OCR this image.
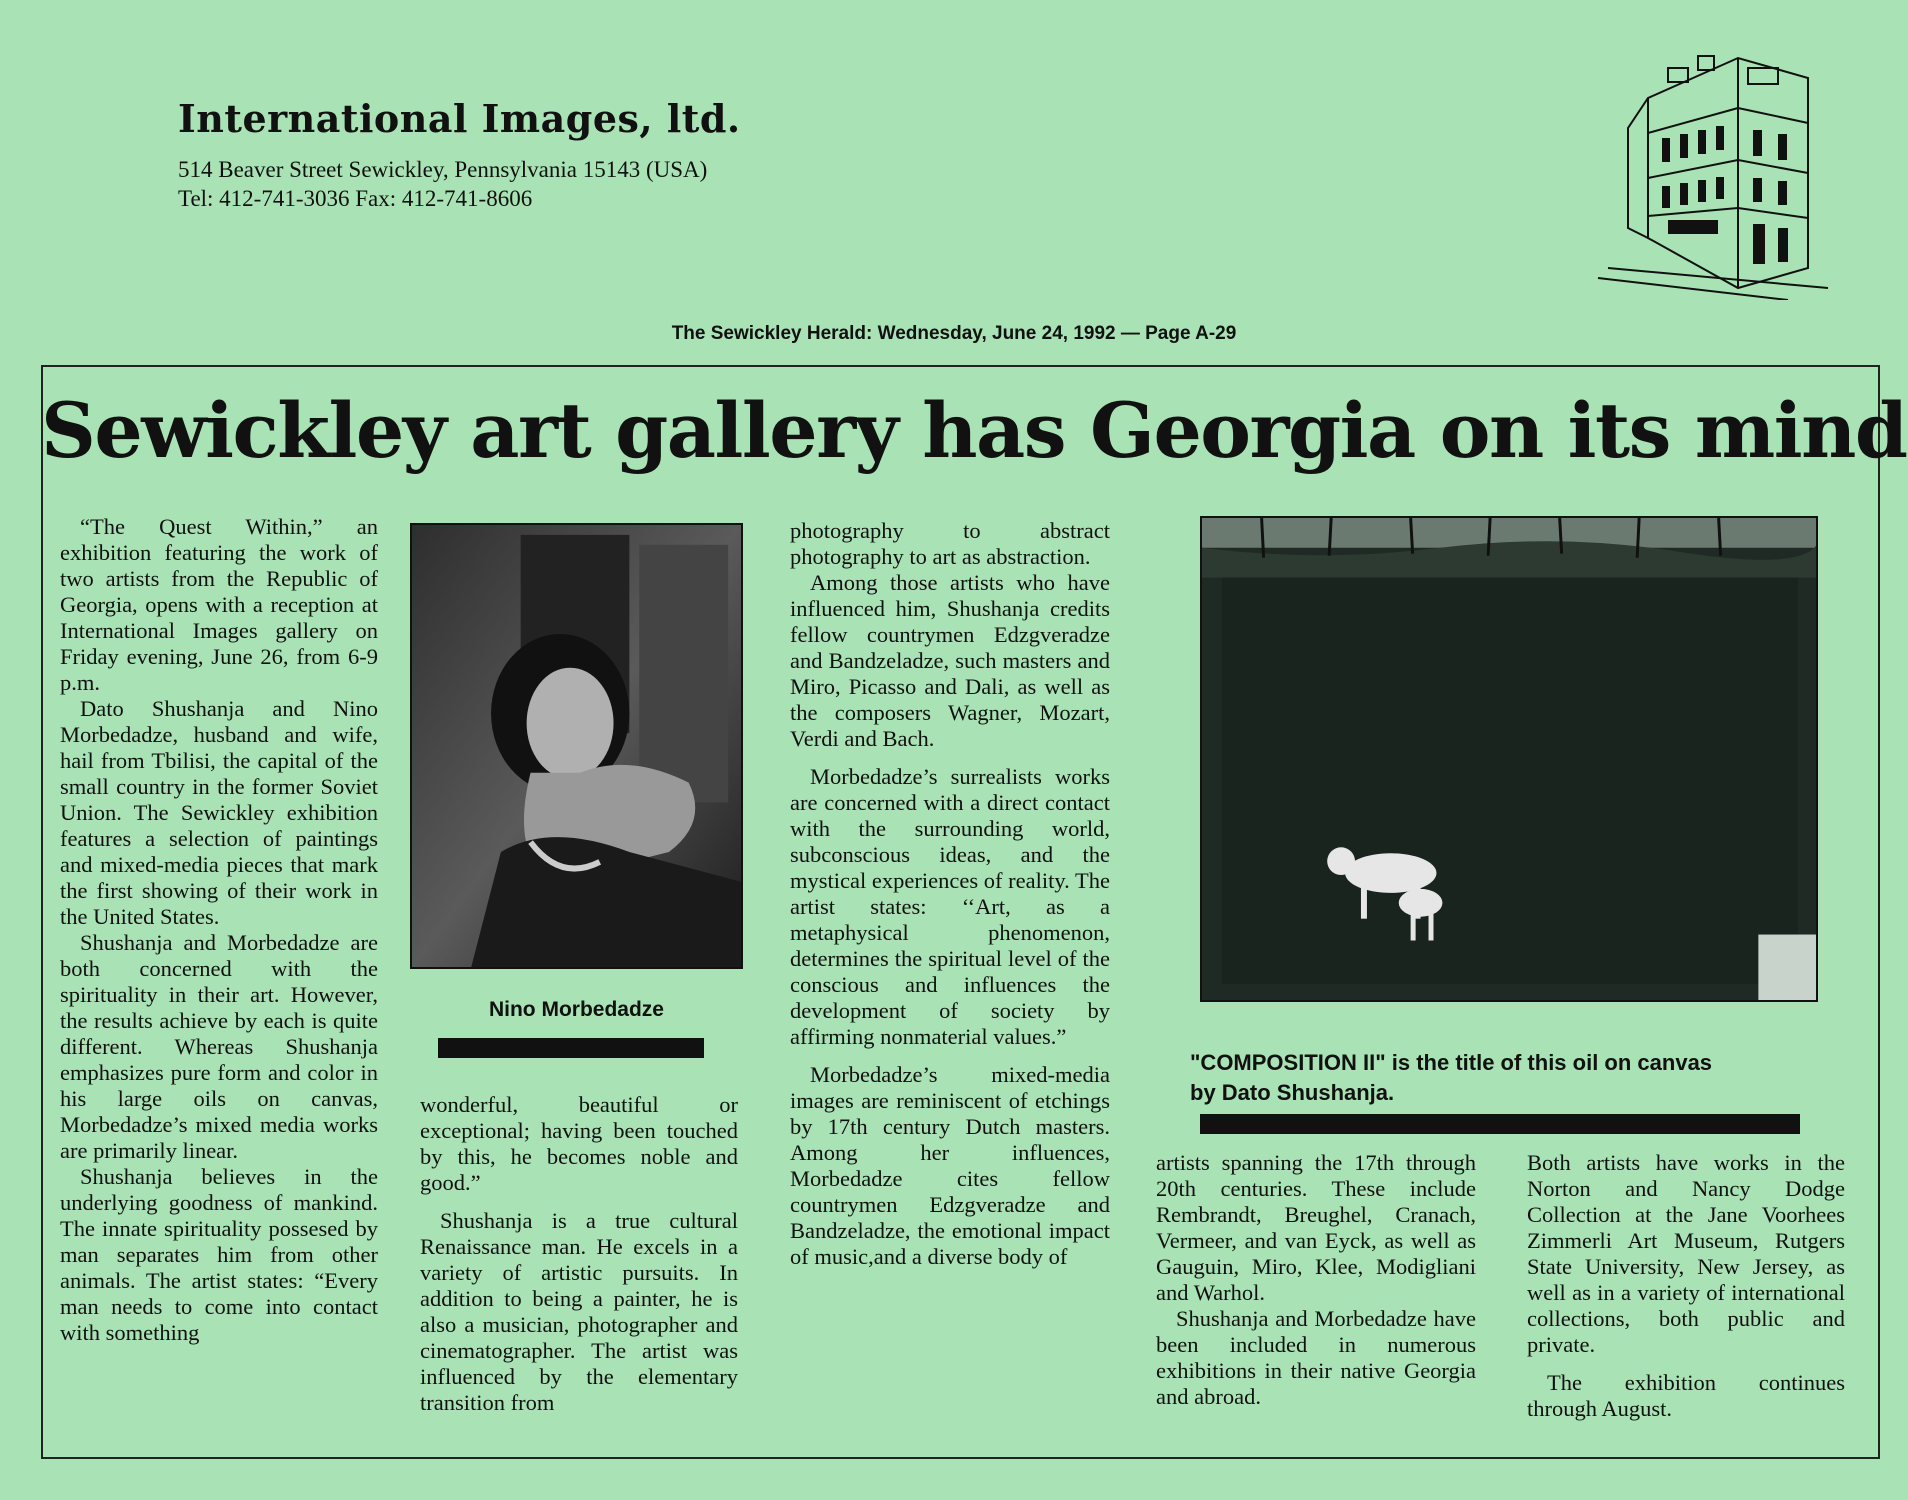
International Images, ltd.
514 Beaver Street Sewickley, Pennsylvania 15143 (USA)
Tel: 412-741-3036 Fax: 412-741-8606
The Sewickley Herald: Wednesday, June 24, 1992 — Page A-29
Sewickley art gallery has Georgia on its mind

“The Quest Within,” an exhibition featuring the work of two artists from the Republic of Georgia, opens with a reception at International Images gallery on Friday evening, June 26, from 6-9 p.m.

Dato Shushanja and Nino Morbedadze, husband and wife, hail from Tbilisi, the capital of the small country in the former Soviet Union. The Sewickley exhibition features a selection of paintings and mixed-media pieces that mark the first showing of their work in the United States.

Shushanja and Morbedadze are both concerned with the spirituality in their art. However, the results achieve by each is quite different. Whereas Shushanja emphasizes pure form and color in his large oils on canvas, Morbedadze’s mixed media works are primarily linear.

Shushanja believes in the underlying goodness of mankind. The innate spirituality possesed by man separates him from other animals. The artist states: “Every man needs to come into contact with something

Nino Morbedadze

wonderful, beautiful or exceptional; having been touched by this, he becomes noble and good.”

Shushanja is a true cultural Renaissance man. He excels in a variety of artistic pursuits. In addition to being a painter, he is also a musician, photographer and cinematographer. The artist was influenced by the elementary transition from

photography to abstract photography to art as abstraction.

Among those artists who have influenced him, Shushanja credits fellow countrymen Edzgveradze and Bandzeladze, such masters and Miro, Picasso and Dali, as well as the composers Wagner, Mozart, Verdi and Bach.

Morbedadze’s surrealists works are concerned with a direct contact with the surrounding world, subconscious ideas, and the mystical experiences of reality. The artist states: ‘‘Art, as a metaphysical phenomenon, determines the spiritual level of the conscious and influences the development of society by affirming nonmaterial values.”

Morbedadze’s mixed-media images are reminiscent of etchings by 17th century Dutch masters. Among her influences, Morbedadze cites fellow countrymen Edzgveradze and Bandzeladze, the emotional impact of music,and a diverse body of

"COMPOSITION II" is the title of this oil on canvas
by Dato Shushanja.

artists spanning the 17th through 20th centuries. These include Rembrandt, Breughel, Cranach, Vermeer, and van Eyck, as well as Gauguin, Miro, Klee, Modigliani and Warhol.

Shushanja and Morbedadze have been included in numerous exhibitions in their native Georgia and abroad.

Both artists have works in the Norton and Nancy Dodge Collection at the Jane Voorhees Zimmerli Art Museum, Rutgers State University, New Jersey, as well as in a variety of international collections, both public and private.

The exhibition continues through August.
